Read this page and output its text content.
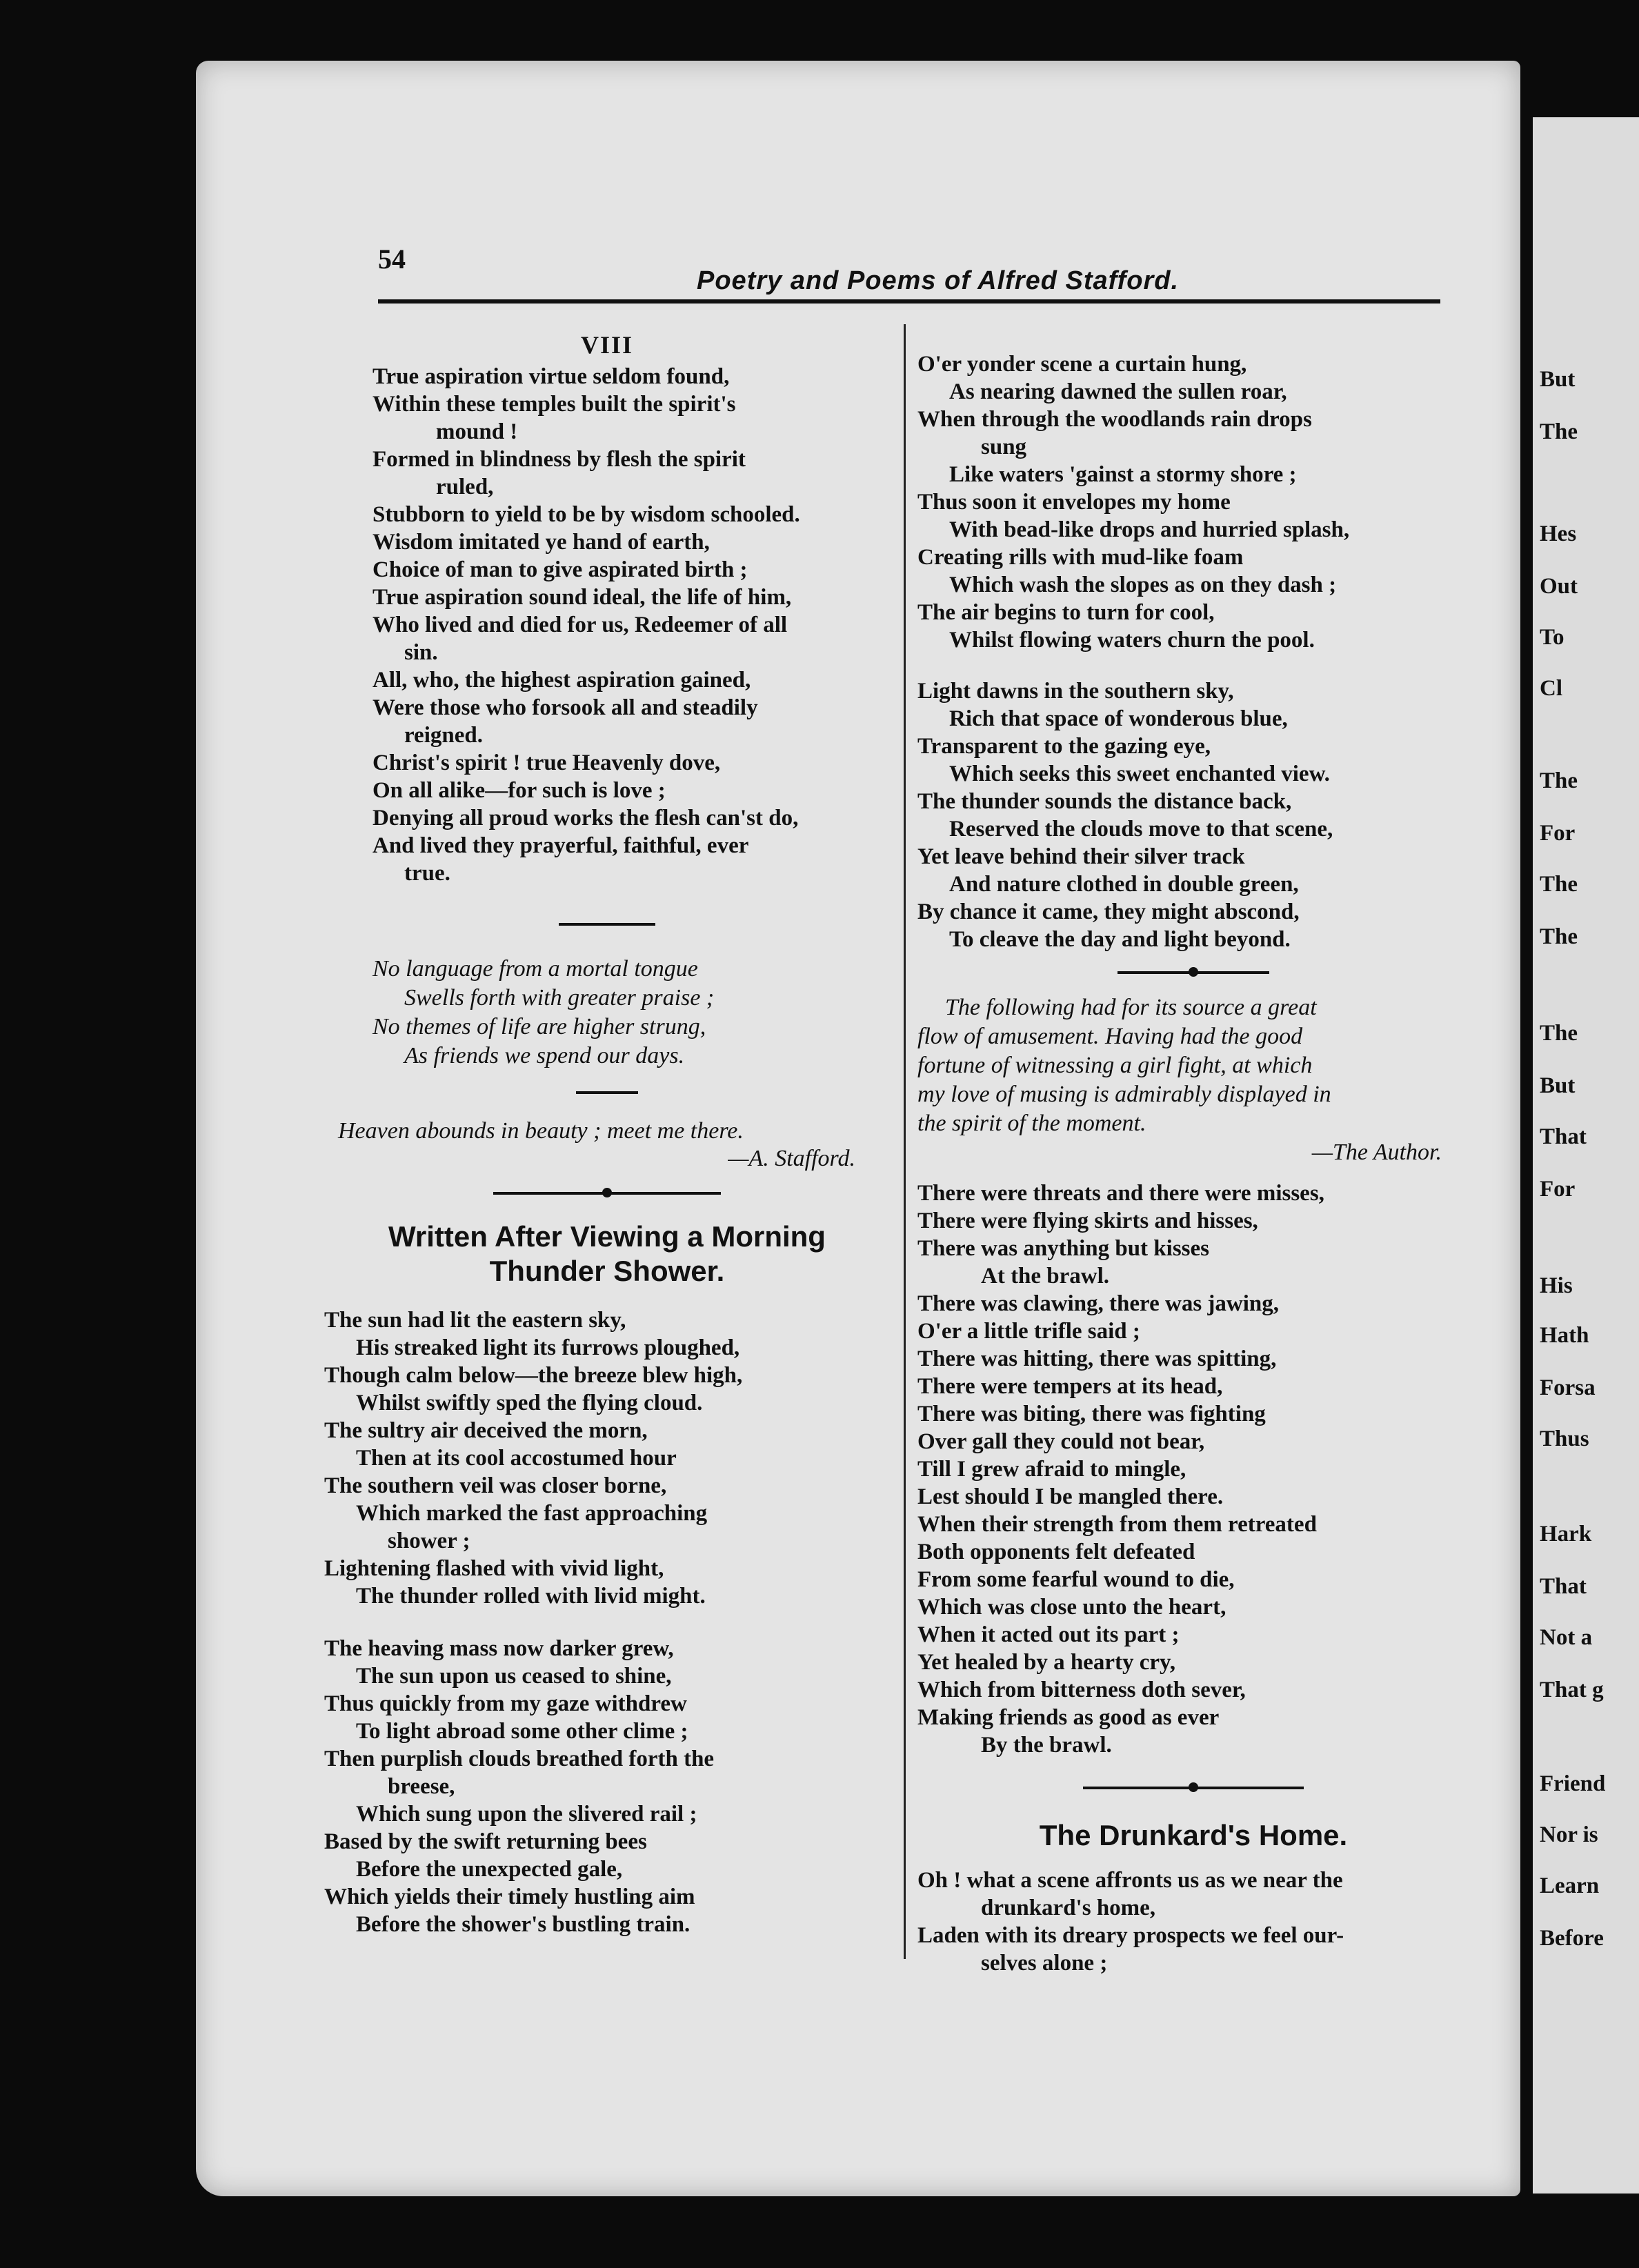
54
Poetry and Poems of Alfred Stafford.
VIII

True aspiration virtue seldom found,

Within these temples built the spirit's

mound !

Formed in blindness by flesh the spirit

ruled,

Stubborn to yield to be by wisdom schooled.

Wisdom imitated ye hand of earth,

Choice of man to give aspirated birth ;

True aspiration sound ideal, the life of him,

Who lived and died for us, Redeemer of all

sin.

All, who, the highest aspiration gained,

Were those who forsook all and steadily

reigned.

Christ's spirit ! true Heavenly dove,

On all alike—for such is love ;

Denying all proud works the flesh can'st do,

And lived they prayerful, faithful, ever

true.

No language from a mortal tongue

Swells forth with greater praise ;

No themes of life are higher strung,

As friends we spend our days.

Heaven abounds in beauty ; meet me there.

—A. Stafford.

Written After Viewing a Morning Thunder Shower.

The sun had lit the eastern sky,

His streaked light its furrows ploughed,

Though calm below—the breeze blew high,

Whilst swiftly sped the flying cloud.

The sultry air deceived the morn,

Then at its cool accostumed hour

The southern veil was closer borne,

Which marked the fast approaching

shower ;

Lightening flashed with vivid light,

The thunder rolled with livid might.

The heaving mass now darker grew,

The sun upon us ceased to shine,

Thus quickly from my gaze withdrew

To light abroad some other clime ;

Then purplish clouds breathed forth the

breese,

Which sung upon the slivered rail ;

Based by the swift returning bees

Before the unexpected gale,

Which yields their timely hustling aim

Before the shower's bustling train.

O'er yonder scene a curtain hung,

As nearing dawned the sullen roar,

When through the woodlands rain drops

sung

Like waters 'gainst a stormy shore ;

Thus soon it envelopes my home

With bead-like drops and hurried splash,

Creating rills with mud-like foam

Which wash the slopes as on they dash ;

The air begins to turn for cool,

Whilst flowing waters churn the pool.

Light dawns in the southern sky,

Rich that space of wonderous blue,

Transparent to the gazing eye,

Which seeks this sweet enchanted view.

The thunder sounds the distance back,

Reserved the clouds move to that scene,

Yet leave behind their silver track

And nature clothed in double green,

By chance it came, they might abscond,

To cleave the day and light beyond.

The following had for its source a great

flow of amusement. Having had the good

fortune of witnessing a girl fight, at which

my love of musing is admirably displayed in

the spirit of the moment.

—The Author.

There were threats and there were misses,

There were flying skirts and hisses,

There was anything but kisses

At the brawl.

There was clawing, there was jawing,

O'er a little trifle said ;

There was hitting, there was spitting,

There were tempers at its head,

There was biting, there was fighting

Over gall they could not bear,

Till I grew afraid to mingle,

Lest should I be mangled there.

When their strength from them retreated

Both opponents felt defeated

From some fearful wound to die,

Which was close unto the heart,

When it acted out its part ;

Yet healed by a hearty cry,

Which from bitterness doth sever,

Making friends as good as ever

By the brawl.

The Drunkard's Home.

Oh ! what a scene affronts us as we near the

drunkard's home,

Laden with its dreary prospects we feel our-

selves alone ;

But
The
Hes
Out
To
Cl
The
For
The
The
The
But
That
For
His
Hath
Forsa
Thus
Hark
That
Not a
That g
Friend
Nor is
Learn
Before
